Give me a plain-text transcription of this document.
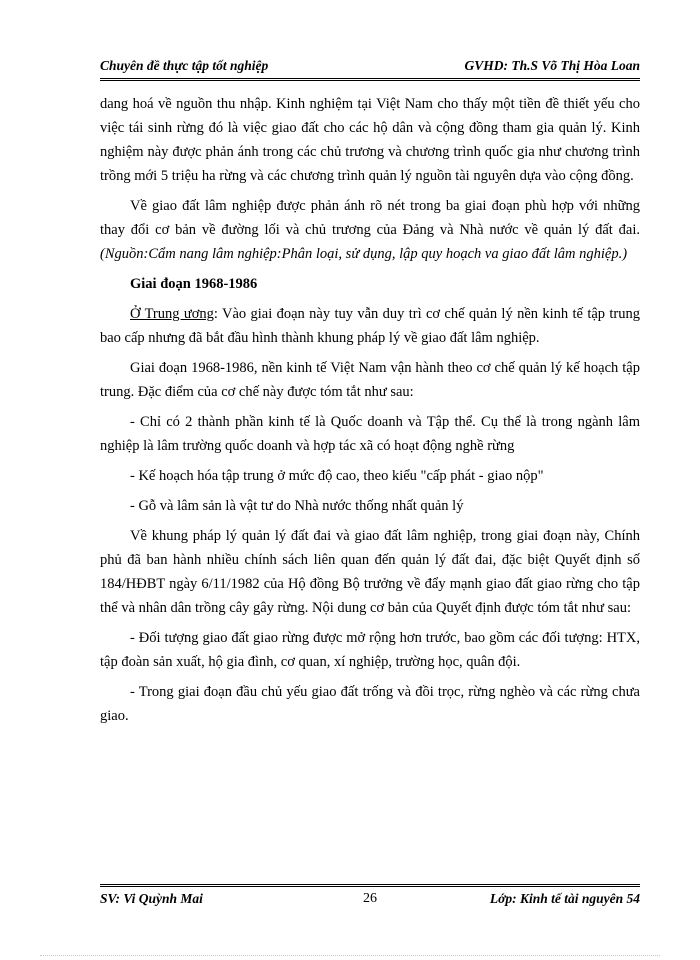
Chuyên đề thực tập tốt nghiệp	GVHD: Th.S Võ Thị Hòa Loan

dang hoá về nguồn thu nhập. Kinh nghiệm tại Việt Nam cho thấy một tiền đề thiết yếu cho việc tái sinh rừng đó là việc giao đất cho các hộ dân và cộng đồng tham gia quản lý. Kinh nghiệm này được phản ánh trong các chủ trương và chương trình quốc gia như chương trình trồng mới 5 triệu ha rừng và các chương trình quản lý nguồn tài nguyên dựa vào cộng đồng.

Về giao đất lâm nghiệp được phản ánh rõ nét trong ba giai đoạn phù hợp với những thay đổi cơ bản về đường lối và chủ trương của Đảng và Nhà nước về quản lý đất đai. (Nguồn:Cẩm nang lâm nghiệp:Phân loại, sử dụng, lập quy hoạch va giao đất lâm nghiệp.)

Giai đoạn 1968-1986

Ở Trung ương: Vào giai đoạn này tuy vẫn duy trì cơ chế quản lý nền kinh tế tập trung bao cấp nhưng đã bắt đầu hình thành khung pháp lý về giao đất lâm nghiệp.

Giai đoạn 1968-1986, nền kinh tế Việt Nam vận hành theo cơ chế quản lý kế hoạch tập trung. Đặc điểm của cơ chế này được tóm tắt như sau:

- Chỉ có 2 thành phần kinh tế là Quốc doanh và Tập thể. Cụ thể là trong ngành lâm nghiệp là lâm trường quốc doanh và hợp tác xã có hoạt động nghề rừng

- Kế hoạch hóa tập trung ở mức độ cao, theo kiểu "cấp phát - giao nộp"

- Gỗ và lâm sản là vật tư do Nhà nước thống nhất quản lý

Về khung pháp lý quản lý đất đai và giao đất lâm nghiệp, trong giai đoạn này, Chính phủ đã ban hành nhiều chính sách liên quan đến quản lý đất đai, đặc biệt Quyết định số 184/HĐBT ngày 6/11/1982 của Hộ đồng Bộ trưởng về đẩy mạnh giao đất giao rừng cho tập thể và nhân dân trồng cây gây rừng. Nội dung cơ bản của Quyết định được tóm tắt như sau:

- Đối tượng giao đất giao rừng được mở rộng hơn trước, bao gồm các đối tượng: HTX, tập đoàn sản xuất, hộ gia đình, cơ quan, xí nghiệp, trường học, quân đội.

- Trong giai đoạn đầu chủ yếu giao đất trống và đồi trọc, rừng nghèo và các rừng chưa giao.

SV: Vi Quỳnh Mai	26	Lớp: Kinh tế tài nguyên 54
